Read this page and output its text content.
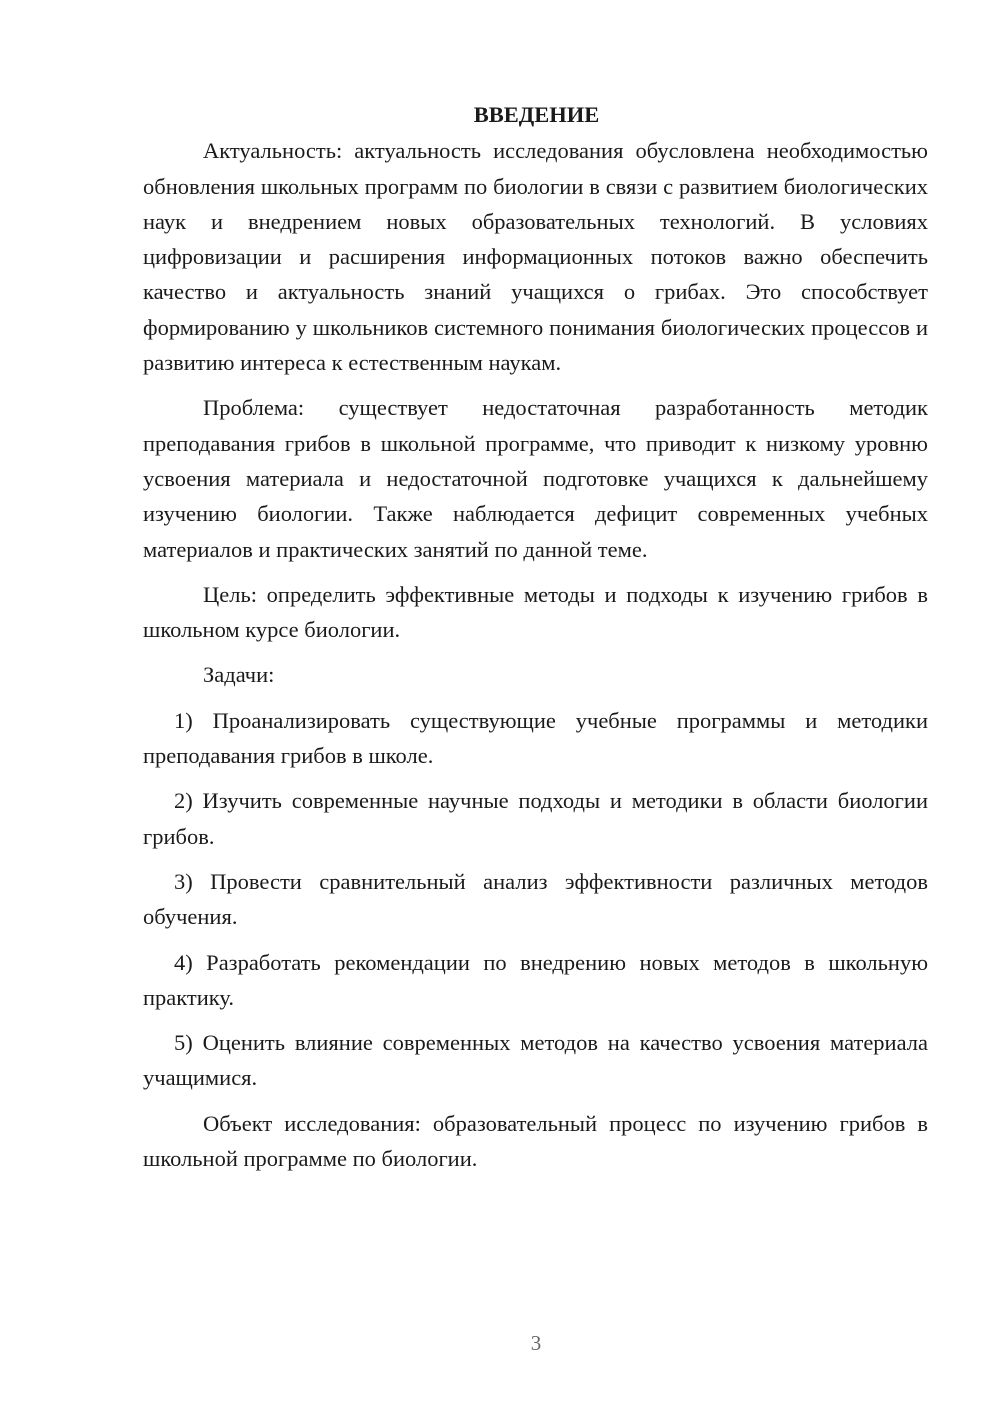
ВВЕДЕНИЕ

Актуальность: актуальность исследования обусловлена необходимостью обновления школьных программ по биологии в связи с развитием биологических наук и внедрением новых образовательных технологий. В условиях цифровизации и расширения информационных потоков важно обеспечить качество и актуальность знаний учащихся о грибах. Это способствует формированию у школьников системного понимания биологических процессов и развитию интереса к естественным наукам.

Проблема: существует недостаточная разработанность методик преподавания грибов в школьной программе, что приводит к низкому уровню усвоения материала и недостаточной подготовке учащихся к дальнейшему изучению биологии. Также наблюдается дефицит современных учебных материалов и практических занятий по данной теме.

Цель: определить эффективные методы и подходы к изучению грибов в школьном курсе биологии.

Задачи:

1) Проанализировать существующие учебные программы и методики преподавания грибов в школе.

2) Изучить современные научные подходы и методики в области биологии грибов.

3) Провести сравнительный анализ эффективности различных методов обучения.

4) Разработать рекомендации по внедрению новых методов в школьную практику.

5) Оценить влияние современных методов на качество усвоения материала учащимися.

Объект исследования: образовательный процесс по изучению грибов в школьной программе по биологии.

3
